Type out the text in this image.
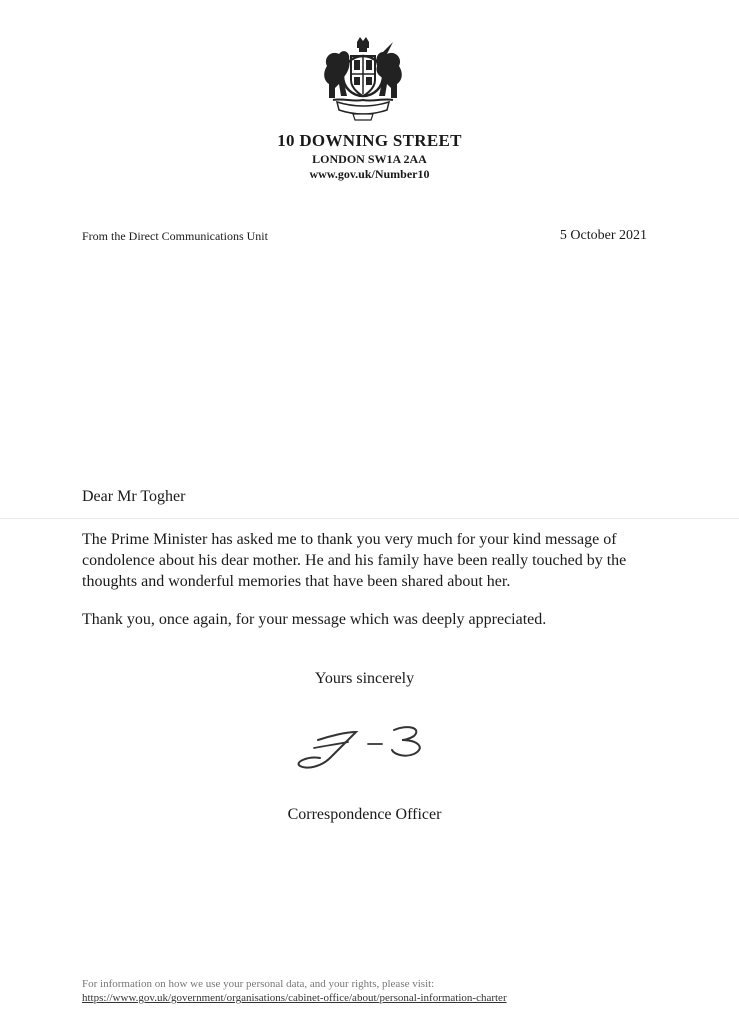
10 DOWNING STREET
LONDON SW1A 2AA
www.gov.uk/Number10
From the Direct Communications Unit	5 October 2021
Dear Mr Togher
The Prime Minister has asked me to thank you very much for your kind message of condolence about his dear mother. He and his family have been really touched by the thoughts and wonderful memories that have been shared about her.
Thank you, once again, for your message which was deeply appreciated.
Yours sincerely
Correspondence Officer
For information on how we use your personal data, and your rights, please visit:
https://www.gov.uk/government/organisations/cabinet-office/about/personal-information-charter
